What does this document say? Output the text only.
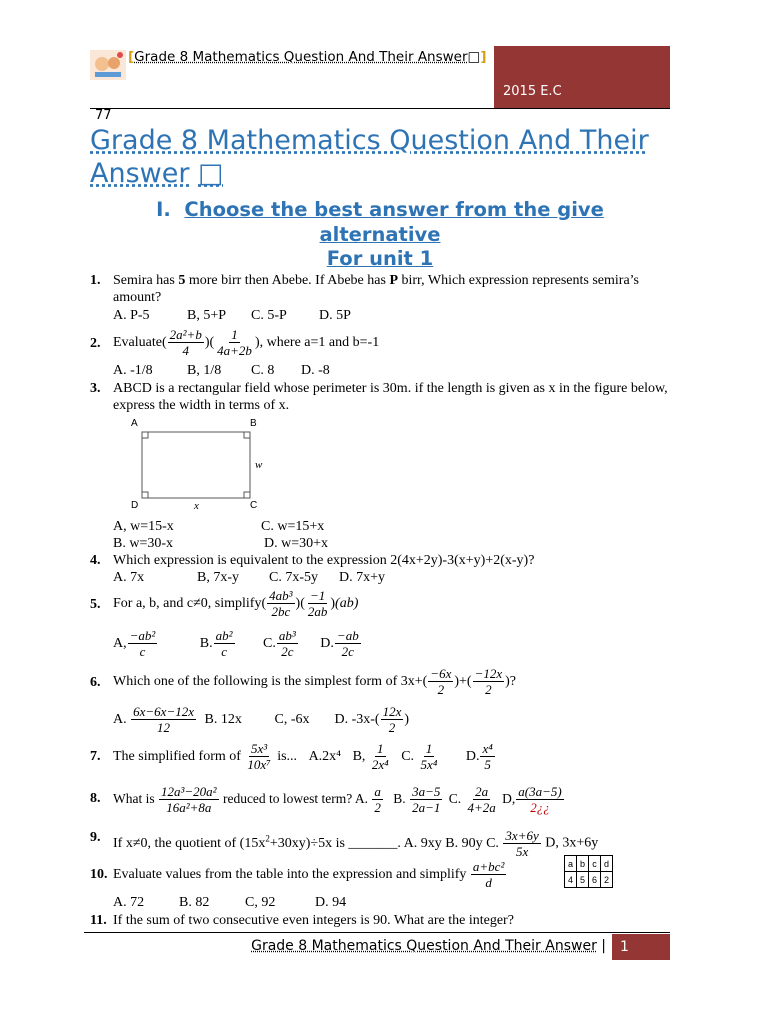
[Grade 8 Mathematics Question And Their Answer□]
2015 E.C
77
Grade 8 Mathematics Question And Their Answer □
I. Choose the best answer from the give
alternative
For unit 1
1. Semira has 5 more birr then Abebe. If Abebe has P birr, Which expression represents semira’s amount?
A. P-5	B, 5+P C. 5-P D. 5P
2. Evaluate( $\frac{\text{2a²+b}}{4}$ )( $\frac{1}{4a+2b}$ ), where a=1 and b=-1
A. -1/8 B, 1/8 C. 8 D. -8
3. ABCD is a rectangular field whose perimeter is 30m. if the length is given as x in the figure below, express the width in terms of x.
A	B
D	C
w
x
A, w=15-x	C. w=15+x
B. w=30-x	D. w=30+x
4. Which expression is equivalent to the expression 2(4x+2y)-3(x+y)+2(x-y)?
A. 7x	B, 7x-y C. 7x-5y D. 7x+y
5. For a, b, and c≠0, simplify( $\frac{\text{4ab³}}{2bc}$ )( $\frac{-1}{2ab} )(ab)$
A, $\frac{\text{−ab²}}{c}$	B. $\frac{\text{ab²}}{c} C$. $\frac{\text{ab³}}{2c} D$. $\frac{-ab}{2c}$
6. Which one of the following is the simplest form of $3x+( \frac{-6x}{2}$ )+( $\frac{-12x}{2}$ )?
A. $\frac{6x-6x-12x}{12} B$. 12x C, -6x D. $-3x-( \frac{12x}{2}$ )
7. The simplified form of $\frac{\text{5x³}}{\text{10x⁷}}$ is... A.2x⁴ B, $\frac{1}{\text{2x⁴}} C$. $\frac{1}{\text{5x⁴}} D$. $\frac{\text{x⁴}}{5}$
8. What is $\frac{\text{12a³−20a²}}{\text{16a²+8a}}$ reduced to lowest term? A. $\frac{a}{2} B$. $\frac{3a-5}{2a-1} C$. $\frac{2a}{4+2a} D$, $\frac{a(3a-5)}{2¿¿}$
9. If x≠0, the quotient of $(15x^2+30xy)\div 5x$ is _______. A. 9xy B. 90y C. $\frac{3x+6y}{5x} D$, 3x+6y
10. Evaluate values from the table into the expression and simplify $\frac{\text{a+bc²}}{d}$
A. 72 B. 82	C, 92	D. 94
a	b	c	d
4	5	6	2
11. If the sum of two consecutive even integers is 90. What are the integer?
Grade 8 Mathematics Question And Their Answer | 1
